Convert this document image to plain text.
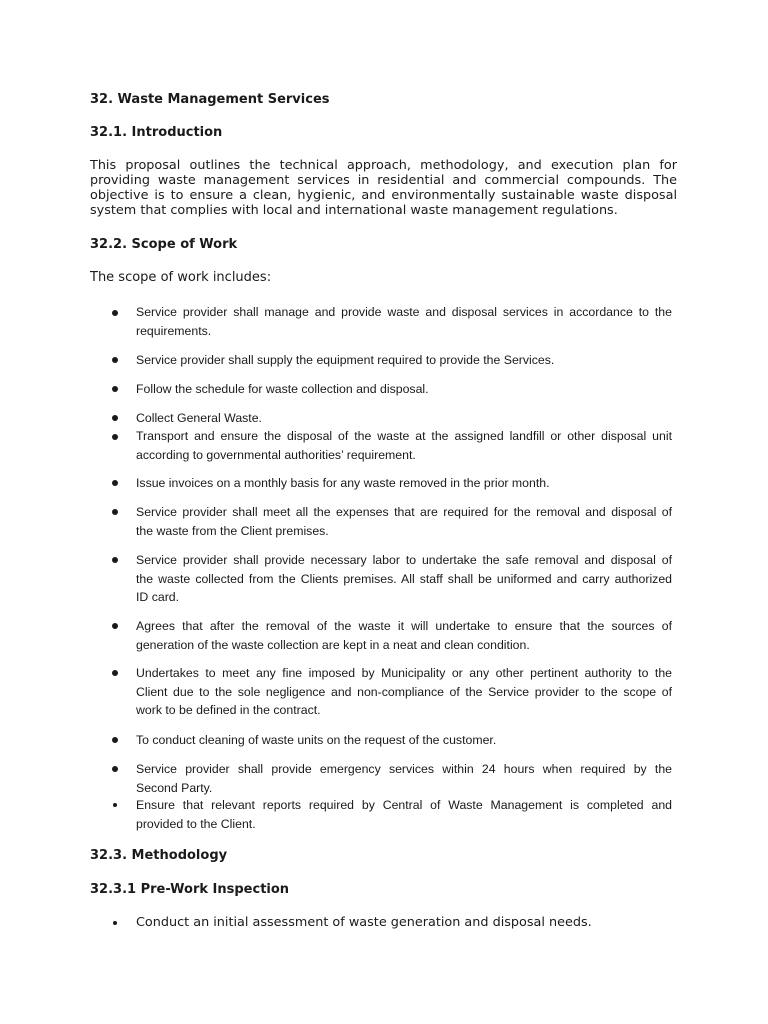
32. Waste Management Services
32.1. Introduction

This proposal outlines the technical approach, methodology, and execution plan for
providing waste management services in residential and commercial compounds. The
objective is to ensure a clean, hygienic, and environmentally sustainable waste disposal
system that complies with local and international waste management regulations.

32.2. Scope of Work

The scope of work includes:

Service provider shall manage and provide waste and disposal services in accordance to the
requirements.
Service provider shall supply the equipment required to provide the Services.
Follow the schedule for waste collection and disposal.
Collect General Waste.
Transport and ensure the disposal of the waste at the assigned landfill or other disposal unit
according to governmental authorities’ requirement.
Issue invoices on a monthly basis for any waste removed in the prior month.
Service provider shall meet all the expenses that are required for the removal and disposal of
the waste from the Client premises.
Service provider shall provide necessary labor to undertake the safe removal and disposal of
the waste collected from the Clients premises. All staff shall be uniformed and carry authorized
ID card.
Agrees that after the removal of the waste it will undertake to ensure that the sources of
generation of the waste collection are kept in a neat and clean condition.
Undertakes to meet any fine imposed by Municipality or any other pertinent authority to the
Client due to the sole negligence and non-compliance of the Service provider to the scope of
work to be defined in the contract.
To conduct cleaning of waste units on the request of the customer.
Service provider shall provide emergency services within 24 hours when required by the
Second Party.
Ensure that relevant reports required by Central of Waste Management is completed and
provided to the Client.
32.3. Methodology
32.3.1 Pre-Work Inspection
Conduct an initial assessment of waste generation and disposal needs.
